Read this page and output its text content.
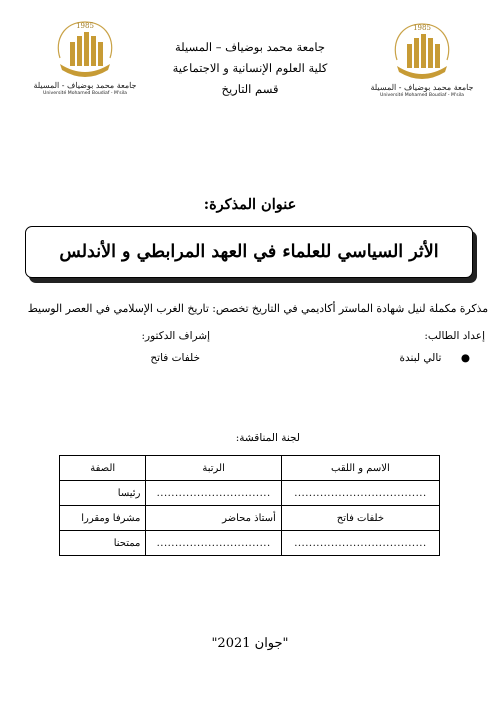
1985
جامعة محمد بوضياف - المسيلة
Université Mohamed Boudiaf - M'sila
1985
جامعة محمد بوضياف - المسيلة
Université Mohamed Boudiaf - M'sila
جامعة محمد بوضياف – المسيلة
كلية العلوم الإنسانية و الاجتماعية
قسم التاريخ
عنوان المذكرة:
الأثر السياسي للعلماء في العهد المرابطي و الأندلس
مذكرة مكملة لنيل شهادة الماستر أكاديمي في التاريخ تخصص: تاريخ الغرب الإسلامي في العصر الوسيط
إعداد الطالب:
إشراف الدكتور:
● تالي لبندة
خلفات فاتح
لجنة المناقشة:
الاسم و اللقب	الرتبة	الصفة
....................................	...............................	رئيسا
خلفات فاتح	أستاذ محاضر	مشرفا ومقررا
....................................	...............................	ممتحنا
"جوان 2021"
